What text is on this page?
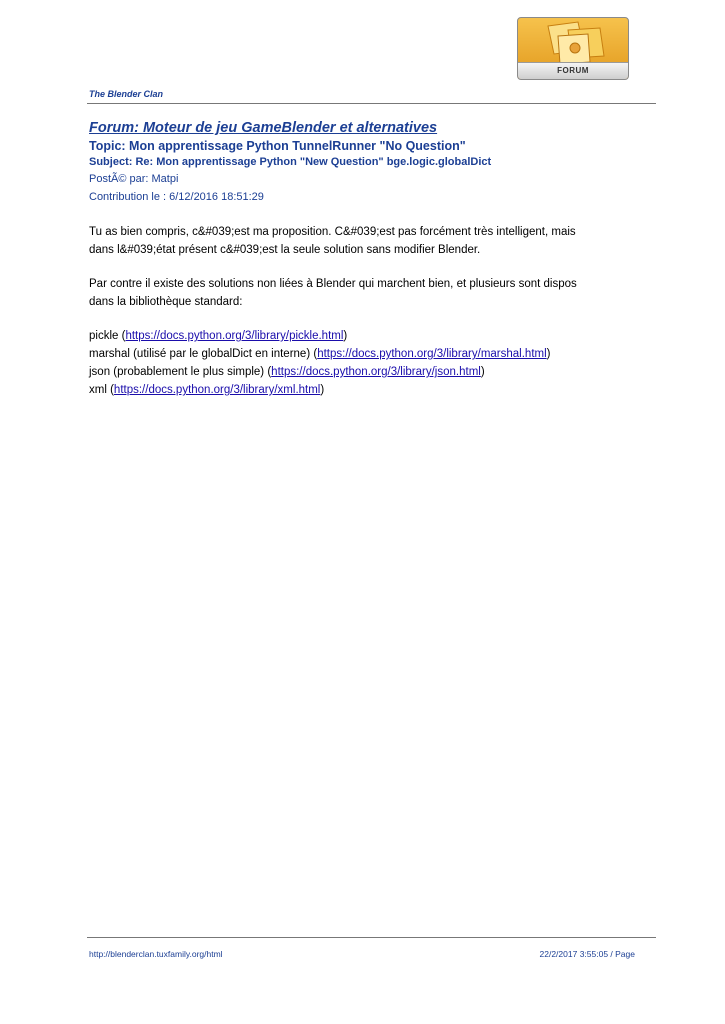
FORUM
The Blender Clan
Forum: Moteur de jeu GameBlender et alternatives
Topic: Mon apprentissage Python TunnelRunner "No Question"
Subject: Re: Mon apprentissage Python "New Question" bge.logic.globalDict
PostÃ© par: Matpi
Contribution le : 6/12/2016 18:51:29
Tu as bien compris, c&#039;est ma proposition. C&#039;est pas forcément très intelligent, mais
dans l&#039;état présent c&#039;est la seule solution sans modifier Blender.
Par contre il existe des solutions non liées à Blender qui marchent bien, et plusieurs sont dispos
dans la bibliothèque standard:
pickle (https://docs.python.org/3/library/pickle.html)
marshal (utilisé par le globalDict en interne) (https://docs.python.org/3/library/marshal.html)
json (probablement le plus simple) (https://docs.python.org/3/library/json.html)
xml (https://docs.python.org/3/library/xml.html)
http://blenderclan.tuxfamily.org/html	22/2/2017 3:55:05 / Page
